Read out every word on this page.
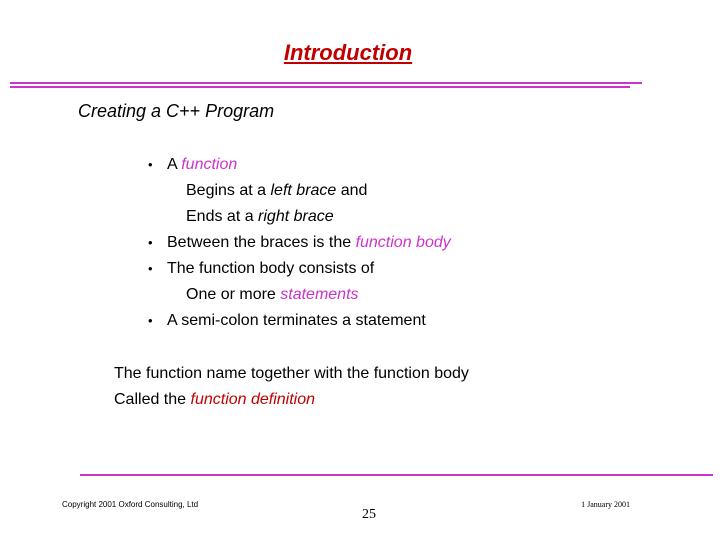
Introduction
Creating a C++ Program
• A function
Begins at a left brace and
Ends at a right brace
• Between the braces is the function body
• The function body consists of
One or more statements
• A semi-colon terminates a statement
The function name together with the function body
Called the function definition
Copyright 2001 Oxford Consulting, Ltd
25
1 January 2001
